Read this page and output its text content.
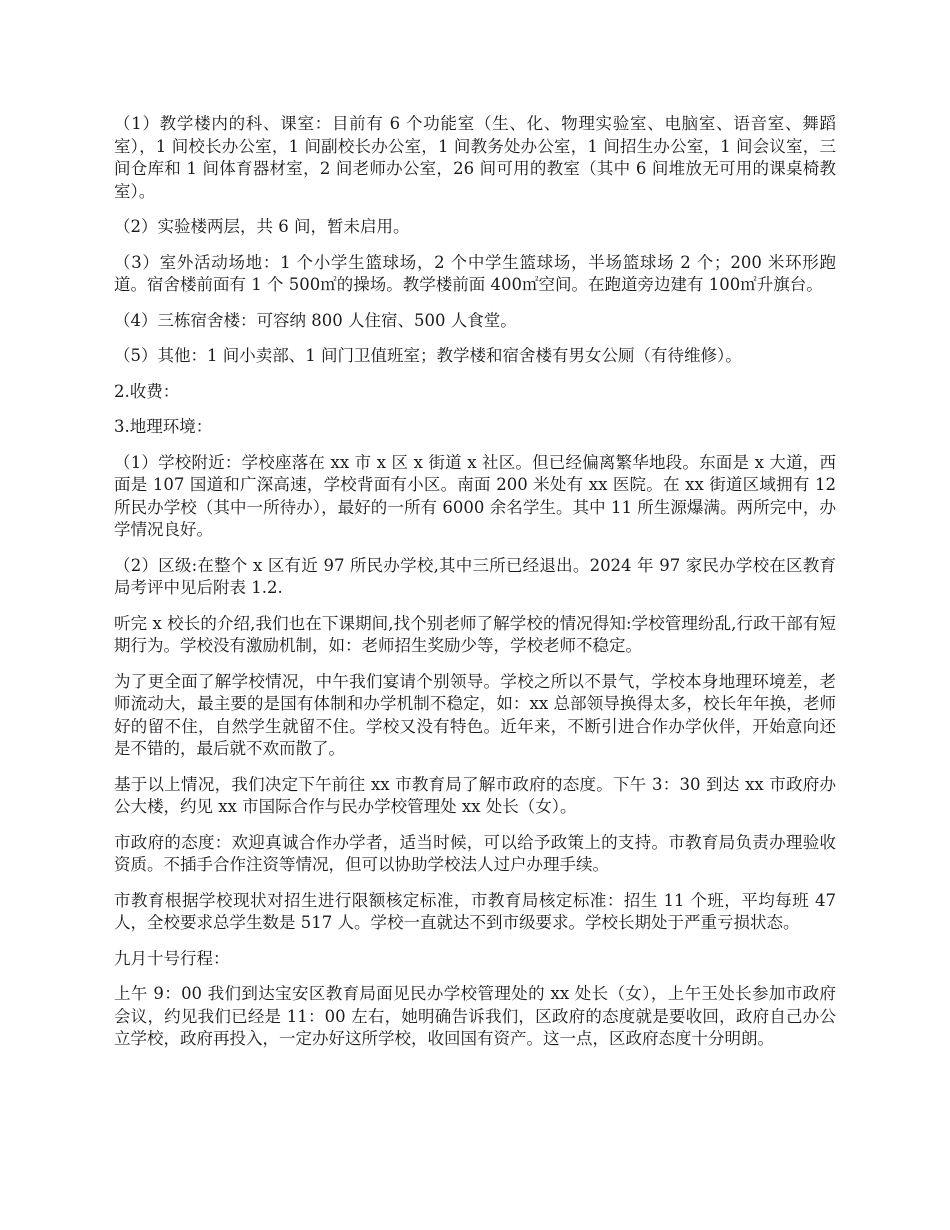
（1）教学楼内的科、课室：目前有 6 个功能室（生、化、物理实验室、电脑室、语音室、舞蹈室），1 间校长办公室，1 间副校长办公室，1 间教务处办公室，1 间招生办公室，1 间会议室，三间仓库和 1 间体育器材室，2 间老师办公室，26 间可用的教室（其中 6 间堆放无可用的课桌椅教室）。

（2）实验楼两层，共 6 间，暂未启用。

（3）室外活动场地：1 个小学生篮球场，2 个中学生篮球场，半场篮球场 2 个；200 米环形跑道。宿舍楼前面有 1 个 500㎡的操场。教学楼前面 400㎡空间。在跑道旁边建有 100㎡升旗台。

（4）三栋宿舍楼：可容纳 800 人住宿、500 人食堂。

（5）其他：1 间小卖部、1 间门卫值班室；教学楼和宿舍楼有男女公厕（有待维修）。

2.收费：

3.地理环境：

（1）学校附近：学校座落在 xx 市 x 区 x 街道 x 社区。但已经偏离繁华地段。东面是 x 大道，西面是 107 国道和广深高速，学校背面有小区。南面 200 米处有 xx 医院。在 xx 街道区域拥有 12 所民办学校（其中一所待办），最好的一所有 6000 余名学生。其中 11 所生源爆满。两所完中，办学情况良好。

（2）区级:在整个 x 区有近 97 所民办学校,其中三所已经退出。2024 年 97 家民办学校在区教育局考评中见后附表 1.2.

听完 x 校长的介绍,我们也在下课期间,找个别老师了解学校的情况得知:学校管理纷乱,行政干部有短期行为。学校没有激励机制，如：老师招生奖励少等，学校老师不稳定。

为了更全面了解学校情况，中午我们宴请个别领导。学校之所以不景气，学校本身地理环境差，老师流动大，最主要的是国有体制和办学机制不稳定，如：xx 总部领导换得太多，校长年年换，老师好的留不住，自然学生就留不住。学校又没有特色。近年来，不断引进合作办学伙伴，开始意向还是不错的，最后就不欢而散了。

基于以上情况，我们决定下午前往 xx 市教育局了解市政府的态度。下午 3：30 到达 xx 市政府办公大楼，约见 xx 市国际合作与民办学校管理处 xx 处长（女）。

市政府的态度：欢迎真诚合作办学者，适当时候，可以给予政策上的支持。市教育局负责办理验收资质。不插手合作注资等情况，但可以协助学校法人过户办理手续。

市教育根据学校现状对招生进行限额核定标准，市教育局核定标准：招生 11 个班，平均每班 47 人，全校要求总学生数是 517 人。学校一直就达不到市级要求。学校长期处于严重亏损状态。

九月十号行程：

上午 9：00 我们到达宝安区教育局面见民办学校管理处的 xx 处长（女），上午王处长参加市政府会议，约见我们已经是 11：00 左右，她明确告诉我们，区政府的态度就是要收回，政府自己办公立学校，政府再投入，一定办好这所学校，收回国有资产。这一点，区政府态度十分明朗。
